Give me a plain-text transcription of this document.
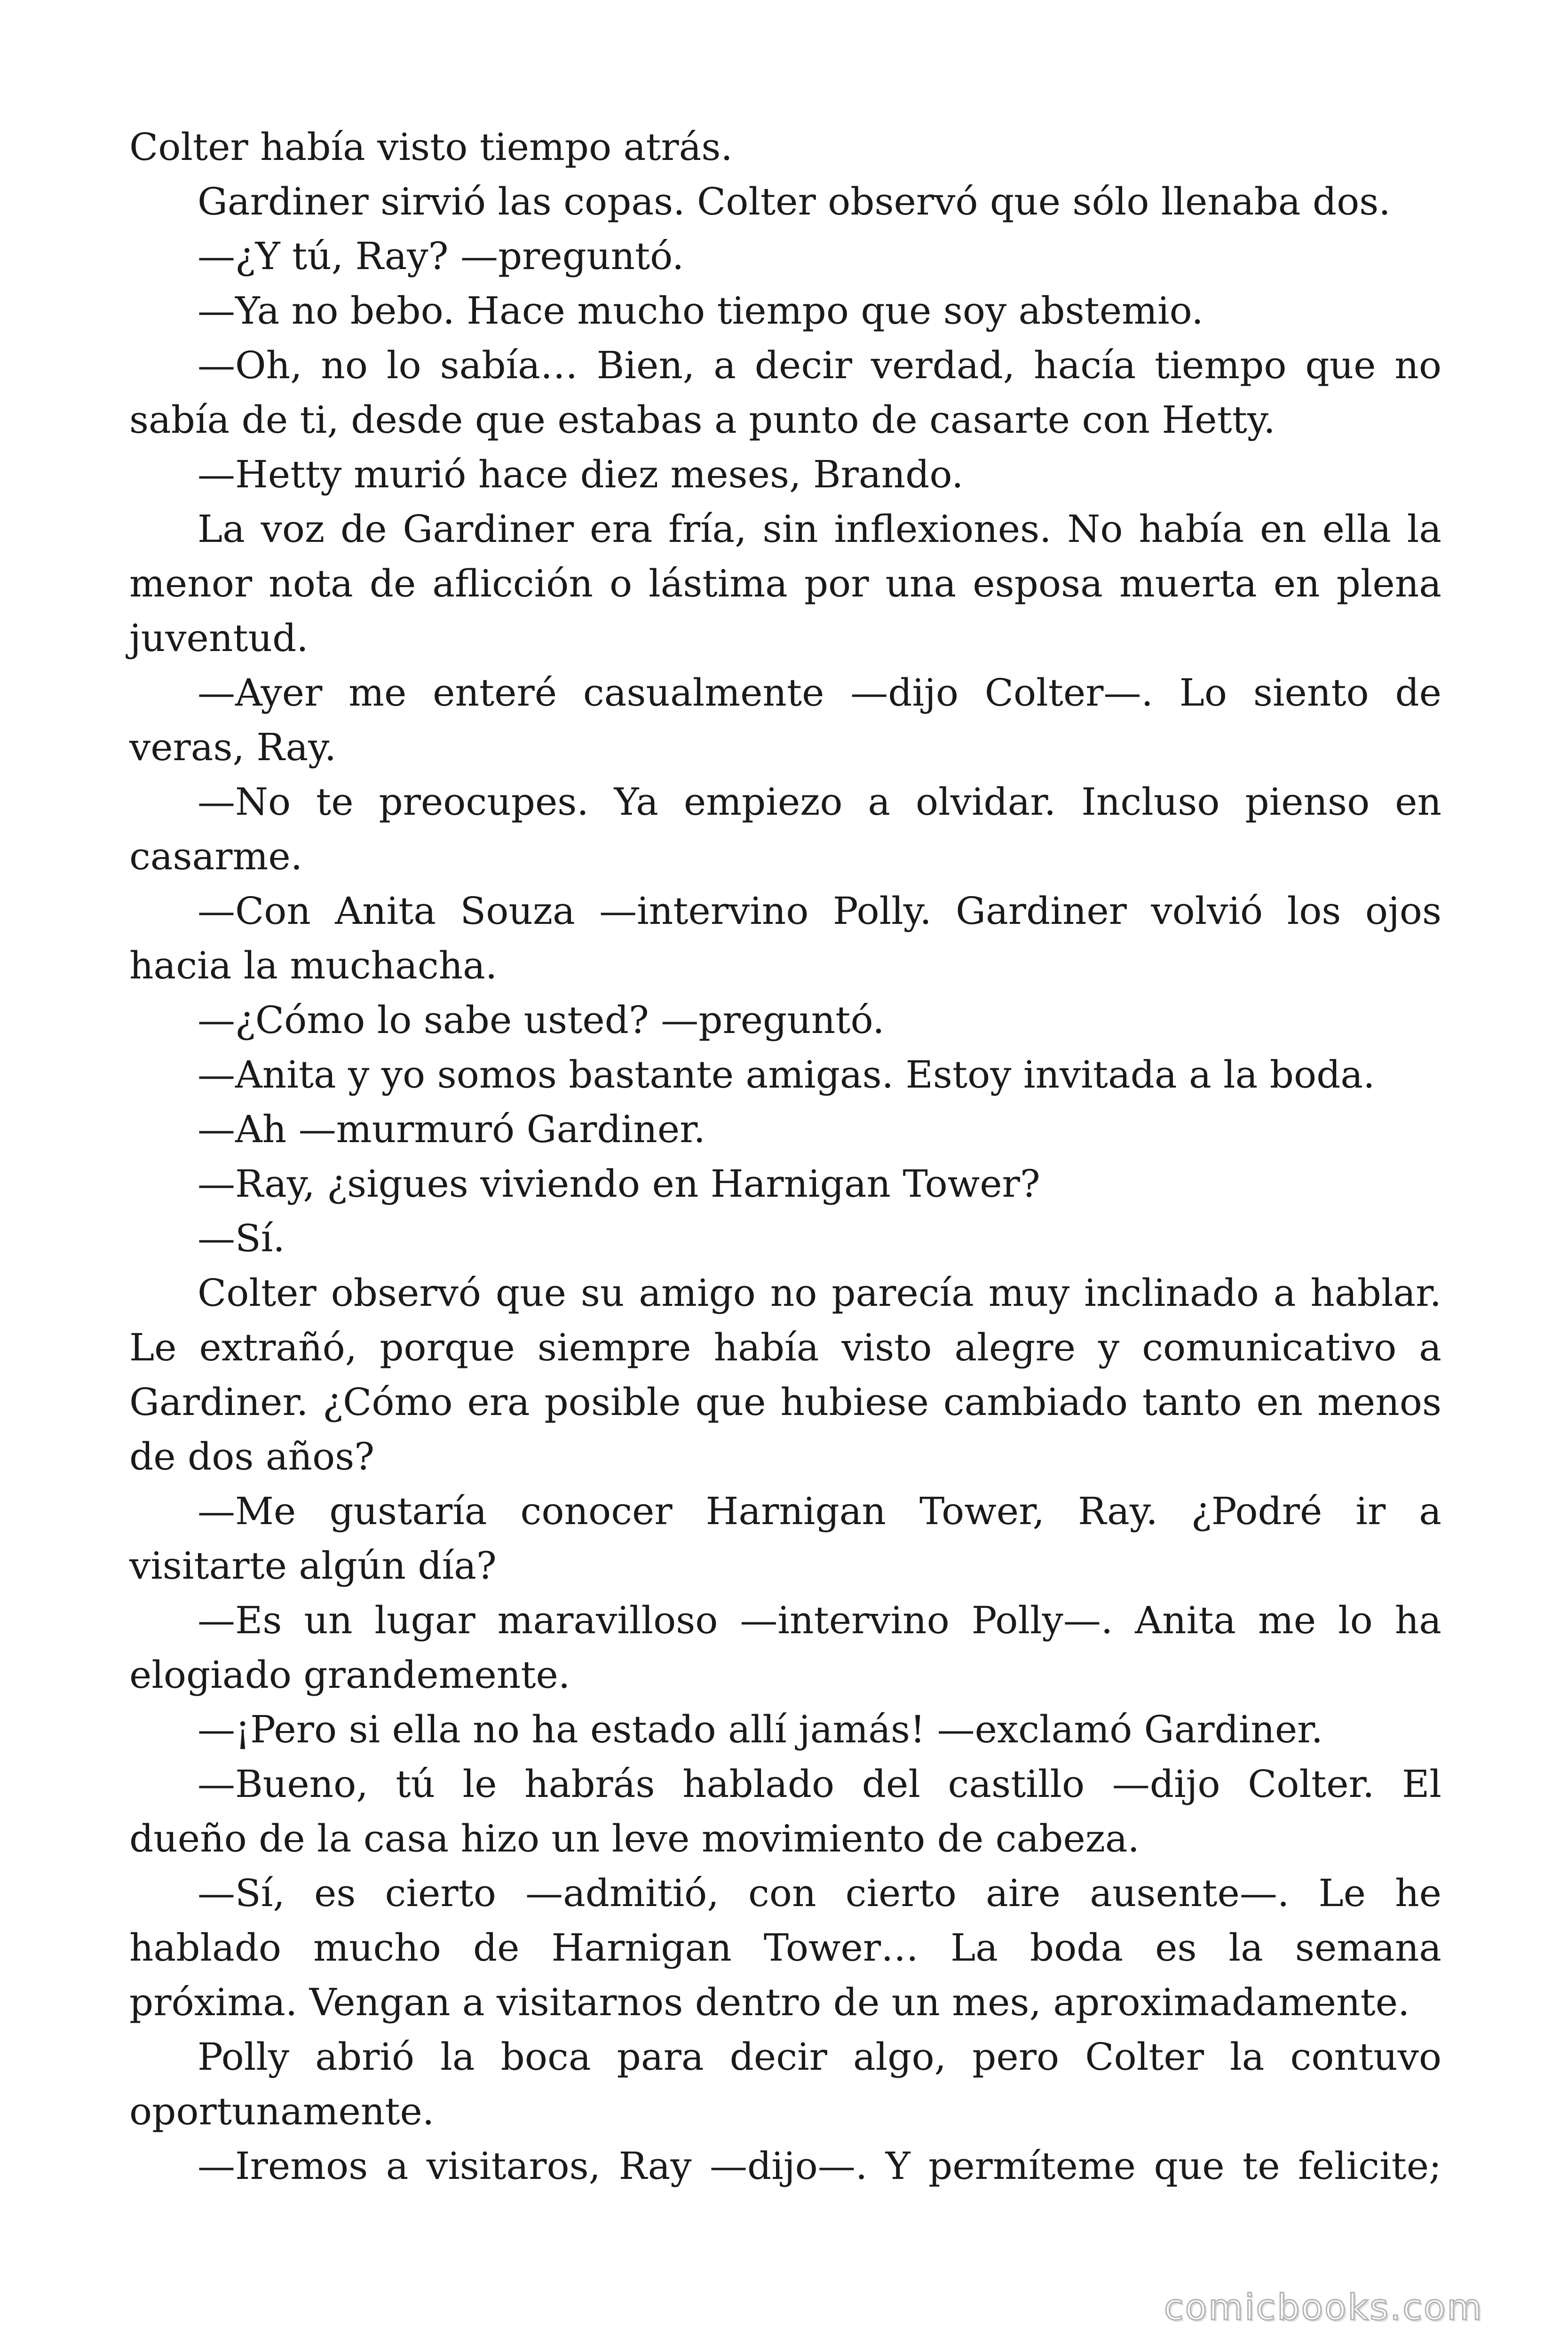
Colter había visto tiempo atrás.
Gardiner sirvió las copas. Colter observó que sólo llenaba dos.
—¿Y tú, Ray? —preguntó.
—Ya no bebo. Hace mucho tiempo que soy abstemio.
—Oh, no lo sabía… Bien, a decir verdad, hacía tiempo que no
sabía de ti, desde que estabas a punto de casarte con Hetty.
—Hetty murió hace diez meses, Brando.
La voz de Gardiner era fría, sin inflexiones. No había en ella la
menor nota de aflicción o lástima por una esposa muerta en plena
juventud.
—Ayer me enteré casualmente —dijo Colter—. Lo siento de
veras, Ray.
—No te preocupes. Ya empiezo a olvidar. Incluso pienso en
casarme.
—Con Anita Souza —intervino Polly. Gardiner volvió los ojos
hacia la muchacha.
—¿Cómo lo sabe usted? —preguntó.
—Anita y yo somos bastante amigas. Estoy invitada a la boda.
—Ah —murmuró Gardiner.
—Ray, ¿sigues viviendo en Harnigan Tower?
—Sí.
Colter observó que su amigo no parecía muy inclinado a hablar.
Le extrañó, porque siempre había visto alegre y comunicativo a
Gardiner. ¿Cómo era posible que hubiese cambiado tanto en menos
de dos años?
—Me gustaría conocer Harnigan Tower, Ray. ¿Podré ir a
visitarte algún día?
—Es un lugar maravilloso —intervino Polly—. Anita me lo ha
elogiado grandemente.
—¡Pero si ella no ha estado allí jamás! —exclamó Gardiner.
—Bueno, tú le habrás hablado del castillo —dijo Colter. El
dueño de la casa hizo un leve movimiento de cabeza.
—Sí, es cierto —admitió, con cierto aire ausente—. Le he
hablado mucho de Harnigan Tower… La boda es la semana
próxima. Vengan a visitarnos dentro de un mes, aproximadamente.
Polly abrió la boca para decir algo, pero Colter la contuvo
oportunamente.
—Iremos a visitaros, Ray —dijo—. Y permíteme que te felicite;
comicbooks.com
